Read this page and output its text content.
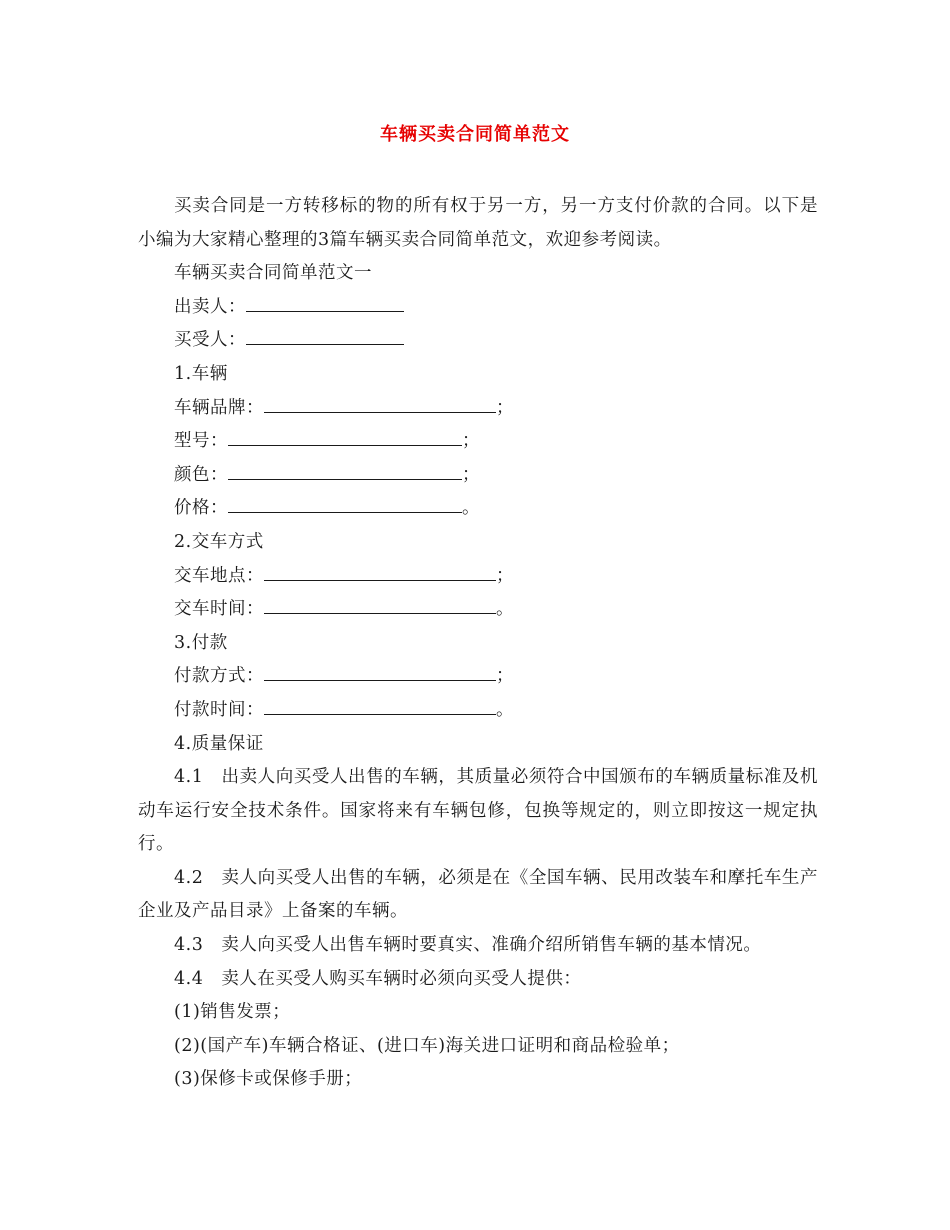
车辆买卖合同简单范文

买卖合同是一方转移标的物的所有权于另一方，另一方支付价款的合同。以下是小编为大家精心整理的3篇车辆买卖合同简单范文，欢迎参考阅读。

车辆买卖合同简单范文一

出卖人：

买受人：

1.车辆

车辆品牌：	；

型号：	；

颜色：	；

价格：	。

2.交车方式

交车地点：	；

交车时间：	。

3.付款

付款方式：	；

付款时间：	。

4.质量保证

4.1　出卖人向买受人出售的车辆，其质量必须符合中国颁布的车辆质量标准及机动车运行安全技术条件。国家将来有车辆包修，包换等规定的，则立即按这一规定执行。

4.2　卖人向买受人出售的车辆，必须是在《全国车辆、民用改装车和摩托车生产企业及产品目录》上备案的车辆。

4.3　卖人向买受人出售车辆时要真实、准确介绍所销售车辆的基本情况。

4.4　卖人在买受人购买车辆时必须向买受人提供：

(1)销售发票；

(2)(国产车)车辆合格证、(进口车)海关进口证明和商品检验单；

(3)保修卡或保修手册；
